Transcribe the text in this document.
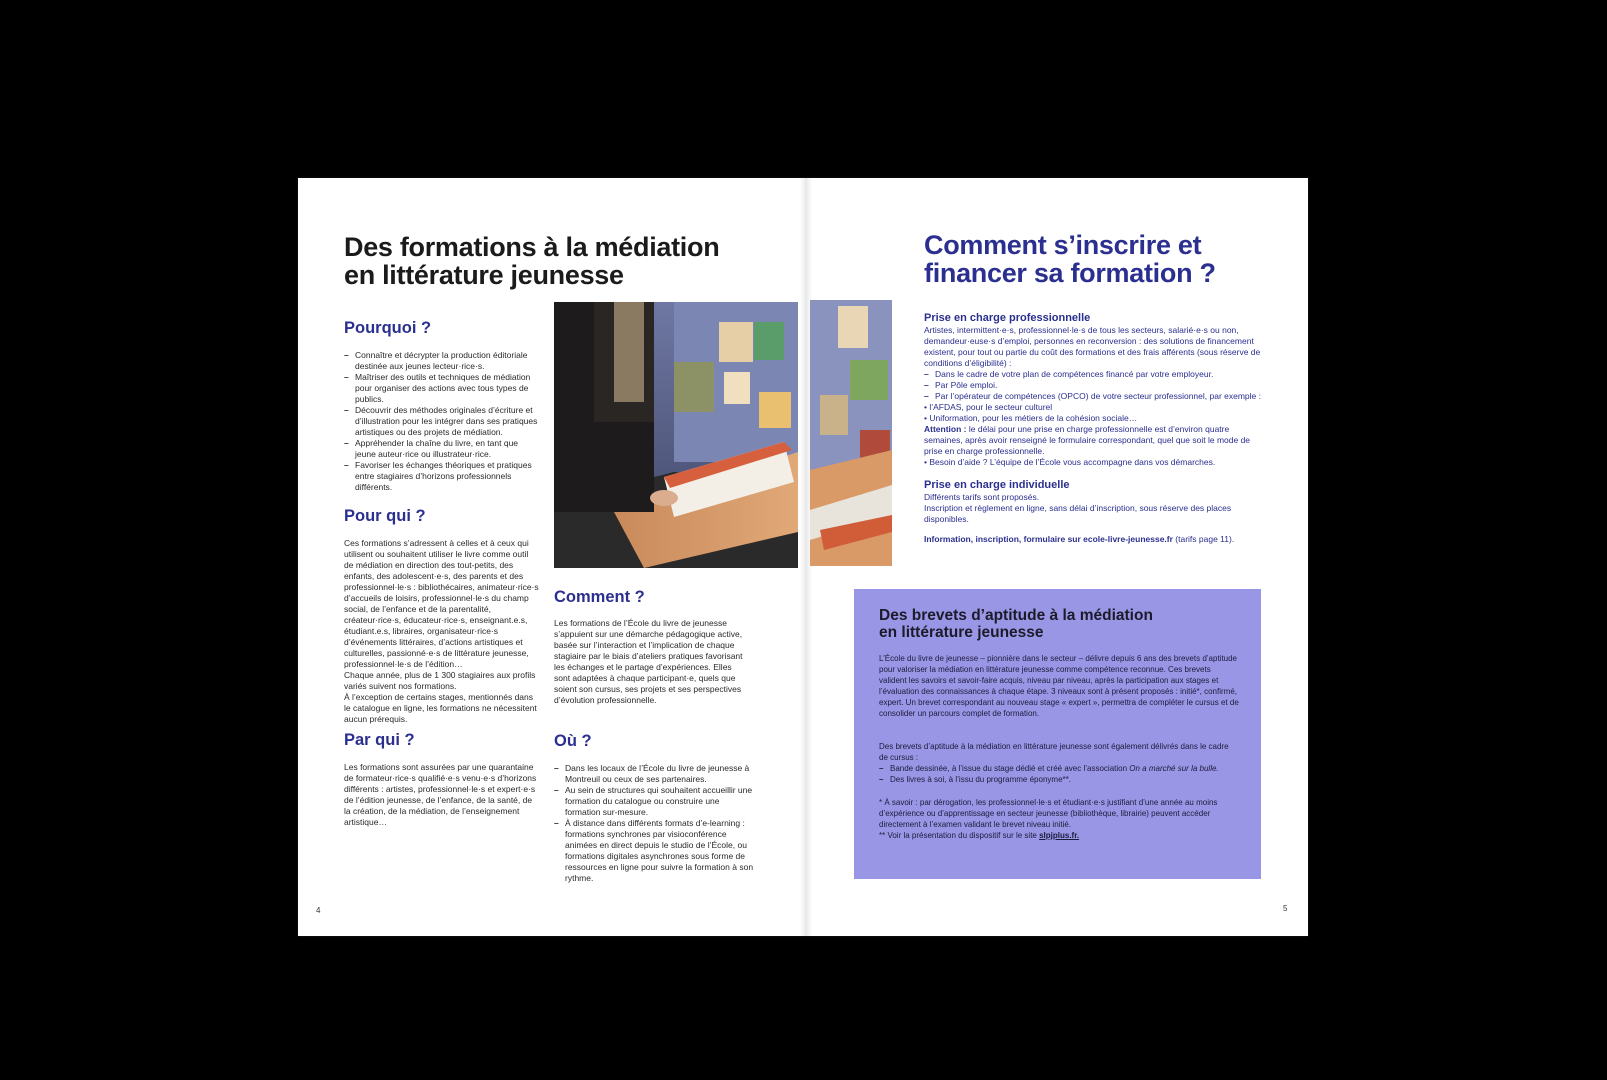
Des formations à la médiation
en littérature jeunesse
Pourquoi ?
– Connaître et décrypter la production éditoriale destinée aux jeunes lecteur·rice·s.
– Maîtriser des outils et techniques de médiation pour organiser des actions avec tous types de publics.
– Découvrir des méthodes originales d’écriture et d’illustration pour les intégrer dans ses pratiques artistiques ou des projets de médiation.
– Appréhender la chaîne du livre, en tant que jeune auteur·rice ou illustrateur·rice.
– Favoriser les échanges théoriques et pratiques entre stagiaires d’horizons professionnels différents.
Pour qui ?

Ces formations s’adressent à celles et à ceux qui utilisent ou souhaitent utiliser le livre comme outil de médiation en direction des tout-petits, des enfants, des adolescent·e·s, des parents et des professionnel·le·s : bibliothécaires, animateur·rice·s d’accueils de loisirs, professionnel·le·s du champ social, de l’enfance et de la parentalité, créateur·rice·s, éducateur·rice·s, enseignant.e.s, étudiant.e.s, libraires, organisateur·rice·s d’événements littéraires, d’actions artistiques et culturelles, passionné·e·s de littérature jeunesse, professionnel·le·s de l’édition…

Chaque année, plus de 1 300 stagiaires aux profils variés suivent nos formations.

À l’exception de certains stages, mentionnés dans le catalogue en ligne, les formations ne nécessitent aucun prérequis.

Par qui ?
Les formations sont assurées par une quarantaine de formateur·rice·s qualifié·e·s venu·e·s d’horizons différents : artistes, professionnel·le·s et expert·e·s de l’édition jeunesse, de l’enfance, de la santé, de la création, de la médiation, de l’enseignement artistique…
Comment ?
Les formations de l’École du livre de jeunesse s’appuient sur une démarche pédagogique active, basée sur l’interaction et l’implication de chaque stagiaire par le biais d’ateliers pratiques favorisant les échanges et le partage d’expériences. Elles sont adaptées à chaque participant·e, quels que soient son cursus, ses projets et ses perspectives d’évolution professionnelle.
Où ?
– Dans les locaux de l’École du livre de jeunesse à Montreuil ou ceux de ses partenaires.
– Au sein de structures qui souhaitent accueillir une formation du catalogue ou construire une formation sur-mesure.
– À distance dans différents formats d’e-learning : formations synchrones par visioconférence animées en direct depuis le studio de l’École, ou formations digitales asynchrones sous forme de ressources en ligne pour suivre la formation à son rythme.
4
Comment s’inscrire et
financer sa formation ?
Prise en charge professionnelle

Artistes, intermittent·e·s, professionnel·le·s de tous les secteurs, salarié·e·s ou non, demandeur·euse·s d’emploi, personnes en reconversion : des solutions de financement existent, pour tout ou partie du coût des formations et des frais afférents (sous réserve de conditions d’éligibilité) :

– Dans le cadre de votre plan de compétences financé par votre employeur.
– Par Pôle emploi.
– Par l’opérateur de compétences (OPCO) de votre secteur professionnel, par exemple :

• l’AFDAS, pour le secteur culturel

• Uniformation, pour les métiers de la cohésion sociale…

Attention : le délai pour une prise en charge professionnelle est d’environ quatre semaines, après avoir renseigné le formulaire correspondant, quel que soit le mode de prise en charge professionnelle.

• Besoin d’aide ? L’équipe de l’École vous accompagne dans vos démarches.

Prise en charge individuelle

Différents tarifs sont proposés.

Inscription et règlement en ligne, sans délai d’inscription, sous réserve des places disponibles.

Information, inscription, formulaire sur ecole-livre-jeunesse.fr (tarifs page 11).

Des brevets d’aptitude à la médiation
en littérature jeunesse
L’École du livre de jeunesse – pionnière dans le secteur – délivre depuis 6 ans des brevets d’aptitude pour valoriser la médiation en littérature jeunesse comme compétence reconnue. Ces brevets valident les savoirs et savoir-faire acquis, niveau par niveau, après la participation aux stages et l’évaluation des connaissances à chaque étape. 3 niveaux sont à présent proposés : initié*, confirmé, expert. Un brevet correspondant au nouveau stage « expert », permettra de compléter le cursus et de consolider un parcours complet de formation.

Des brevets d’aptitude à la médiation en littérature jeunesse sont également délivrés dans le cadre de cursus :

– Bande dessinée, à l’issue du stage dédié et créé avec l’association On a marché sur la bulle.
– Des livres à soi, à l’issu du programme éponyme**.

* À savoir : par dérogation, les professionnel·le·s et étudiant·e·s justifiant d’une année au moins d’expérience ou d’apprentissage en secteur jeunesse (bibliothèque, librairie) peuvent accéder directement à l’examen validant le brevet niveau initié.

** Voir la présentation du dispositif sur le site slpjplus.fr.

5
